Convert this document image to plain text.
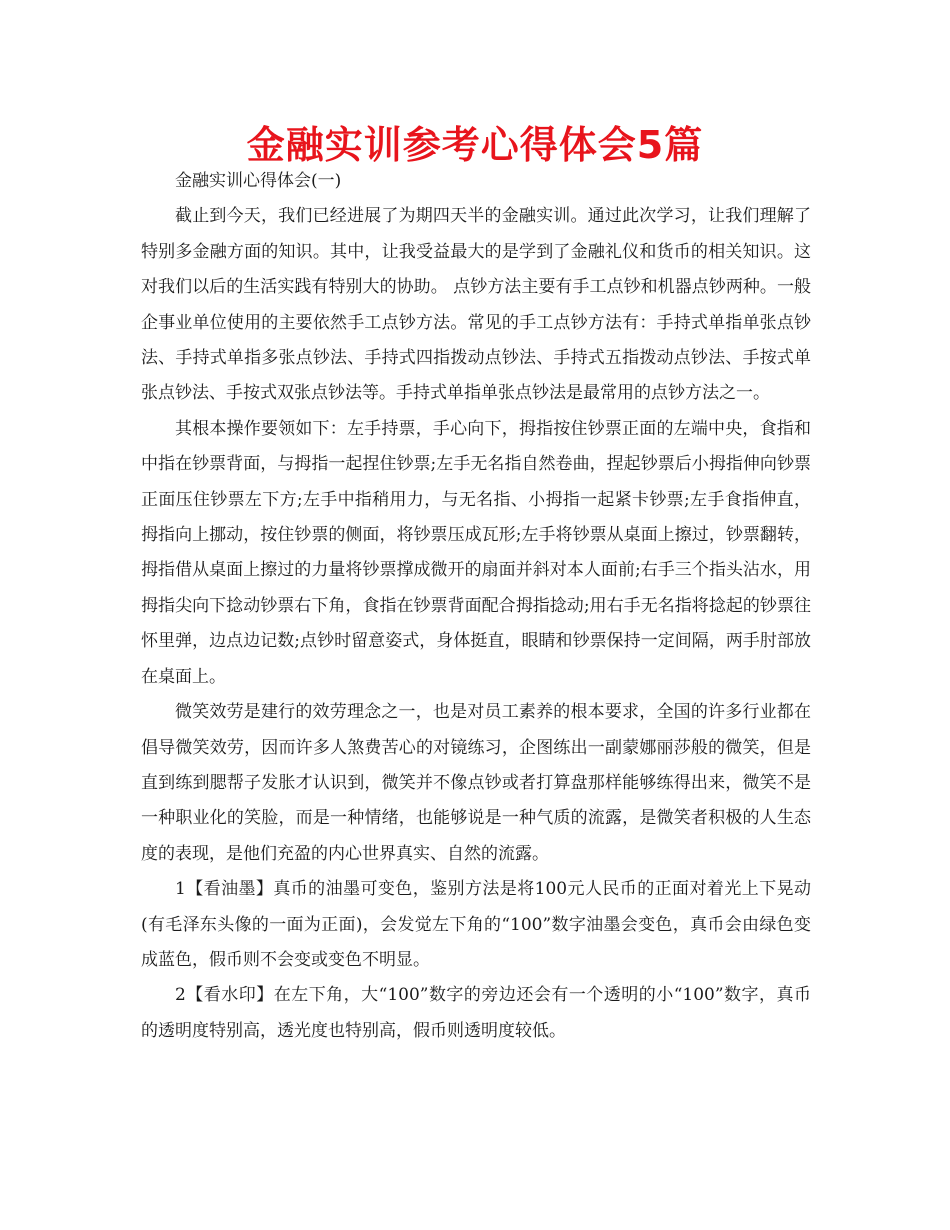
金融实训参考心得体会5篇

金融实训心得体会(一)

截止到今天，我们已经进展了为期四天半的金融实训。通过此次学习，让我们理解了特别多金融方面的知识。其中，让我受益最大的是学到了金融礼仪和货币的相关知识。这对我们以后的生活实践有特别大的协助。 点钞方法主要有手工点钞和机器点钞两种。一般企事业单位使用的主要依然手工点钞方法。常见的手工点钞方法有：手持式单指单张点钞法、手持式单指多张点钞法、手持式四指拨动点钞法、手持式五指拨动点钞法、手按式单张点钞法、手按式双张点钞法等。手持式单指单张点钞法是最常用的点钞方法之一。

其根本操作要领如下：左手持票，手心向下，拇指按住钞票正面的左端中央，食指和中指在钞票背面，与拇指一起捏住钞票;左手无名指自然卷曲，捏起钞票后小拇指伸向钞票正面压住钞票左下方;左手中指稍用力，与无名指、小拇指一起紧卡钞票;左手食指伸直，拇指向上挪动，按住钞票的侧面，将钞票压成瓦形;左手将钞票从桌面上擦过，钞票翻转，拇指借从桌面上擦过的力量将钞票撑成微开的扇面并斜对本人面前;右手三个指头沾水，用拇指尖向下捻动钞票右下角，食指在钞票背面配合拇指捻动;用右手无名指将捻起的钞票往怀里弹，边点边记数;点钞时留意姿式，身体挺直，眼睛和钞票保持一定间隔，两手肘部放在桌面上。

微笑效劳是建行的效劳理念之一，也是对员工素养的根本要求，全国的许多行业都在倡导微笑效劳，因而许多人煞费苦心的对镜练习，企图练出一副蒙娜丽莎般的微笑，但是直到练到腮帮子发胀才认识到，微笑并不像点钞或者打算盘那样能够练得出来，微笑不是一种职业化的笑脸，而是一种情绪，也能够说是一种气质的流露，是微笑者积极的人生态度的表现，是他们充盈的内心世界真实、自然的流露。

1【看油墨】真币的油墨可变色，鉴别方法是将100元人民币的正面对着光上下晃动(有毛泽东头像的一面为正面)，会发觉左下角的“100”数字油墨会变色，真币会由绿色变成蓝色，假币则不会变或变色不明显。

2【看水印】在左下角，大“100”数字的旁边还会有一个透明的小“100”数字，真币的透明度特别高，透光度也特别高，假币则透明度较低。
